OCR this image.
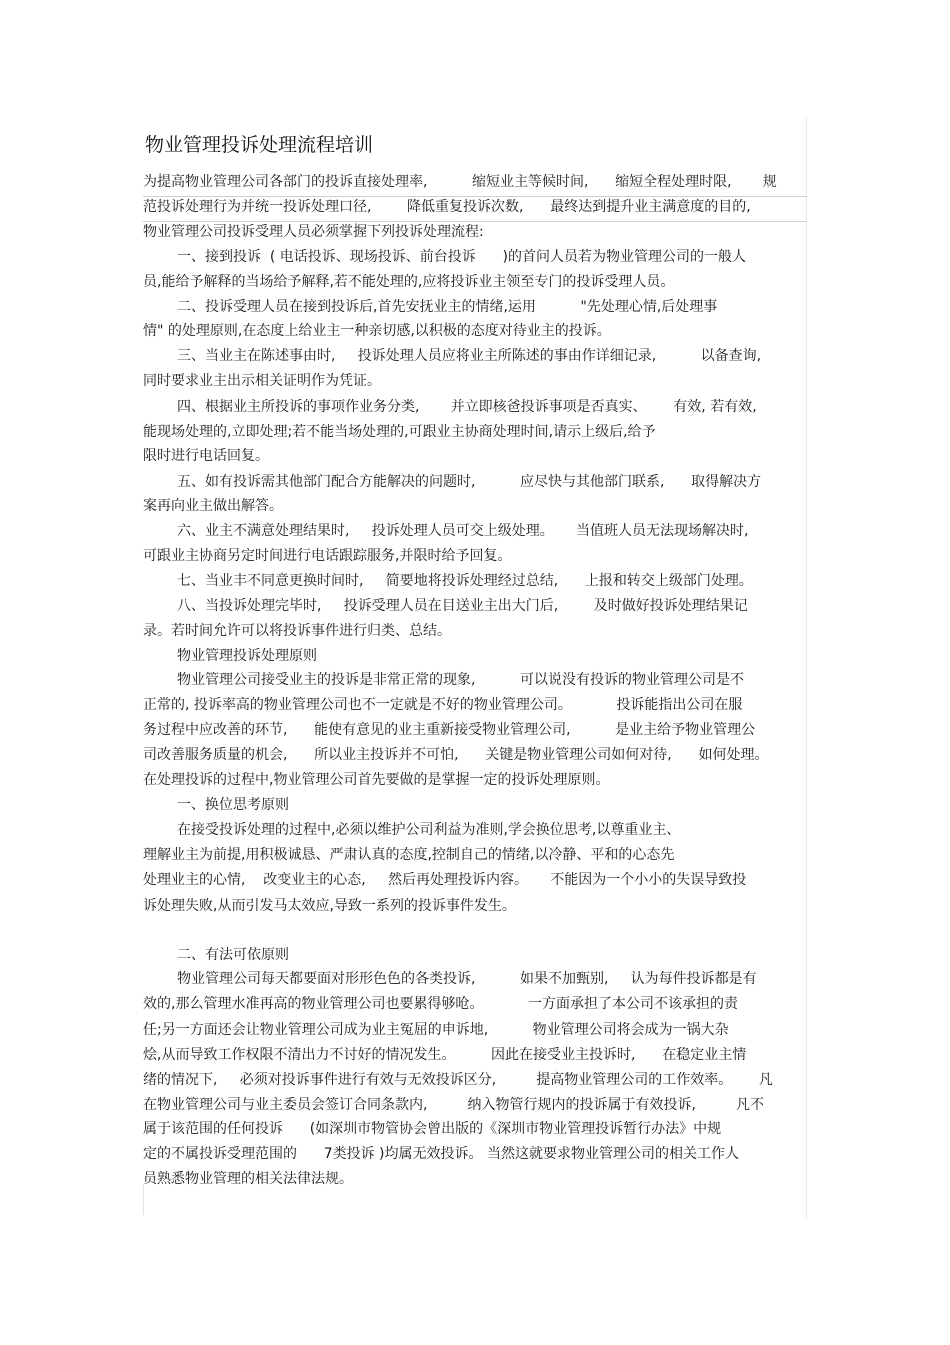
物业管理投诉处理流程培训
为提高物业管理公司各部门的投诉直接处理率,          缩短业主等候时间,      缩短全程处理时限,       规
范投诉处理行为并统一投诉处理口径,        降低重复投诉次数,      最终达到提升业主满意度的目的,
物业管理公司投诉受理人员必须掌握下列投诉处理流程:
一、接到投诉  ( 电话投诉、现场投诉、前台投诉      )的首问人员若为物业管理公司的一般人
员,能给予解释的当场给予解释,若不能处理的,应将投诉业主领至专门的投诉受理人员。
二、投诉受理人员在接到投诉后,首先安抚业主的情绪,运用          "先处理心情,后处理事
情" 的处理原则,在态度上给业主一种亲切感,以积极的态度对待业主的投诉。
三、当业主在陈述事由时,     投诉处理人员应将业主所陈述的事由作详细记录,          以备查询,
同时要求业主出示相关证明作为凭证。
四、根据业主所投诉的事项作业务分类,       并立即核爸投诉事项是否真实、      有效, 若有效,
能现场处理的,立即处理;若不能当场处理的,可跟业主协商处理时间,请示上级后,给予
限时进行电话回复。
五、如有投诉需其他部门配合方能解决的问题时,          应尽快与其他部门联系,      取得解决方
案再向业主做出解答。
六、业主不满意处理结果时,     投诉处理人员可交上级处理。     当值班人员无法现场解决时,
可跟业主协商另定时间进行电话跟踪服务,并限时给予回复。
七、当业丰不同意更换时间时,     简要地将投诉处理经过总结,      上报和转交上级部门处理。
八、当投诉处理完毕时,     投诉受理人员在目送业主出大门后,        及时做好投诉处理结果记
录。若时间允许可以将投诉事件进行归类、总结。
物业管理投诉处理原则
物业管理公司接受业主的投诉是非常正常的现象,          可以说没有投诉的物业管理公司是不
正常的, 投诉率高的物业管理公司也不一定就是不好的物业管理公司。          投诉能指出公司在服
务过程中应改善的环节,      能使有意见的业主重新接受物业管理公司,          是业主给予物业管理公
司改善服务质量的机会,      所以业主投诉并不可怕,      关键是物业管理公司如何对待,      如何处理。
在处理投诉的过程中,物业管理公司首先要做的是掌握一定的投诉处理原则。
一、换位思考原则
在接受投诉处理的过程中,必须以维护公司利益为准则,学会换位思考,以尊重业主、
理解业主为前提,用积极诚恳、严肃认真的态度,控制自己的情绪,以冷静、平和的心态先
处理业主的心情,    改变业主的心态,     然后再处理投诉内容。     不能因为一个小小的失误导致投
诉处理失败,从而引发马太效应,导致一系列的投诉事件发生。
二、有法可依原则
物业管理公司每天都要面对形形色色的各类投诉,          如果不加甄别,     认为每件投诉都是有
效的,那么管理水准再高的物业管理公司也要累得够呛。          一方面承担了本公司不该承担的责
任;另一方面还会让物业管理公司成为业主冤屈的申诉地,          物业管理公司将会成为一锅大杂
烩,从而导致工作权限不清出力不讨好的情况发生。        因此在接受业主投诉时,      在稳定业主情
绪的情况下,     必须对投诉事件进行有效与无效投诉区分,         提高物业管理公司的工作效率。      凡
在物业管理公司与业主委员会签订合同条款内,         纳入物管行规内的投诉属于有效投诉,         凡不
属于该范围的任何投诉      (如深圳市物管协会曾出版的《深圳市物业管理投诉暂行办法》中规
定的不属投诉受理范围的      7类投诉 )均属无效投诉。 当然这就要求物业管理公司的相关工作人
员熟悉物业管理的相关法律法规。
